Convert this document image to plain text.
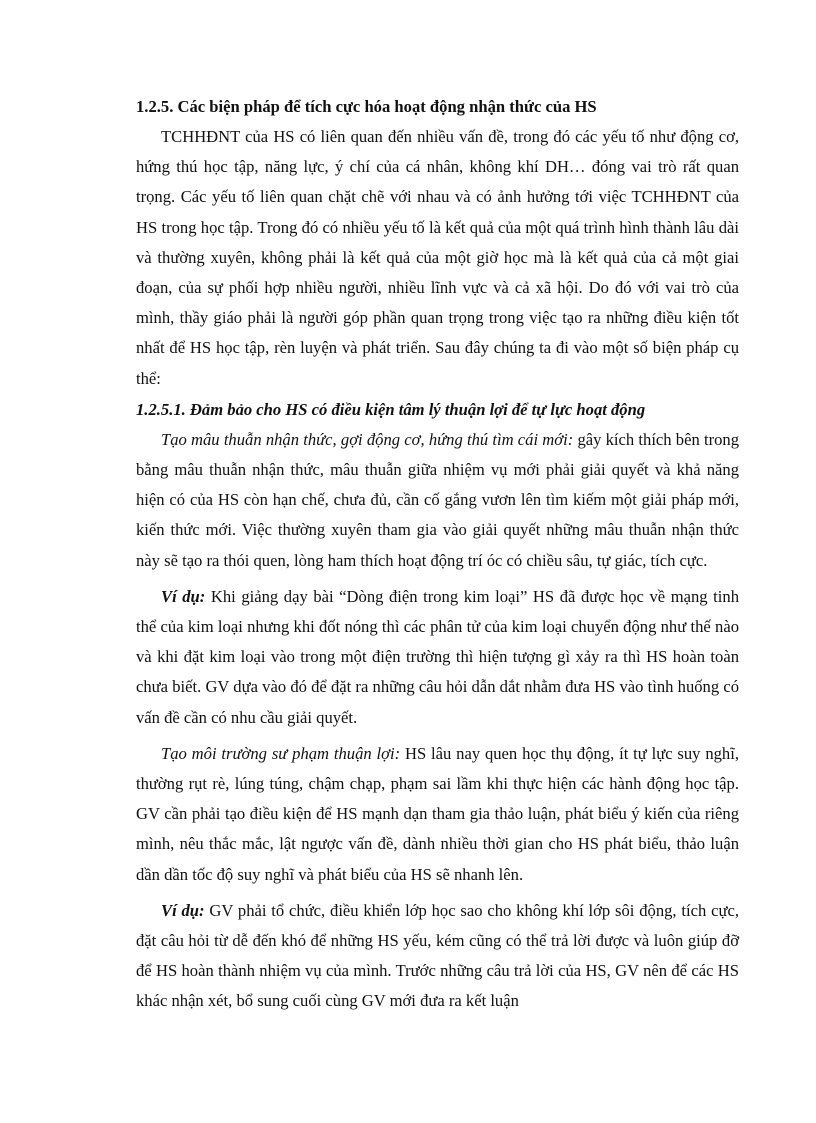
1.2.5. Các biện pháp để tích cực hóa hoạt động nhận thức của HS

TCHHĐNT của HS có liên quan đến nhiều vấn đề, trong đó các yếu tố như động cơ, hứng thú học tập, năng lực, ý chí của cá nhân, không khí DH… đóng vai trò rất quan trọng. Các yếu tố liên quan chặt chẽ với nhau và có ảnh hưởng tới việc TCHHĐNT của HS trong học tập. Trong đó có nhiều yếu tố là kết quả của một quá trình hình thành lâu dài và thường xuyên, không phải là kết quả của một giờ học mà là kết quả của cả một giai đoạn, của sự phối hợp nhiều người, nhiều lĩnh vực và cả xã hội. Do đó với vai trò của mình, thầy giáo phải là người góp phần quan trọng trong việc tạo ra những điều kiện tốt nhất để HS học tập, rèn luyện và phát triển. Sau đây chúng ta đi vào một số biện pháp cụ thể:

1.2.5.1. Đảm bảo cho HS có điều kiện tâm lý thuận lợi để tự lực hoạt động

Tạo mâu thuẫn nhận thức, gợi động cơ, hứng thú tìm cái mới: gây kích thích bên trong bằng mâu thuẫn nhận thức, mâu thuẫn giữa nhiệm vụ mới phải giải quyết và khả năng hiện có của HS còn hạn chế, chưa đủ, cần cố gắng vươn lên tìm kiếm một giải pháp mới, kiến thức mới. Việc thường xuyên tham gia vào giải quyết những mâu thuẫn nhận thức này sẽ tạo ra thói quen, lòng ham thích hoạt động trí óc có chiều sâu, tự giác, tích cực.

Ví dụ: Khi giảng dạy bài “Dòng điện trong kim loại” HS đã được học về mạng tinh thể của kim loại nhưng khi đốt nóng thì các phân tử của kim loại chuyển động như thế nào và khi đặt kim loại vào trong một điện trường thì hiện tượng gì xảy ra thì HS hoàn toàn chưa biết. GV dựa vào đó để đặt ra những câu hỏi dẫn dắt nhằm đưa HS vào tình huống có vấn đề cần có nhu cầu giải quyết.

Tạo môi trường sư phạm thuận lợi: HS lâu nay quen học thụ động, ít tự lực suy nghĩ, thường rụt rè, lúng túng, chậm chạp, phạm sai lầm khi thực hiện các hành động học tập. GV cần phải tạo điều kiện để HS mạnh dạn tham gia thảo luận, phát biểu ý kiến của riêng mình, nêu thắc mắc, lật ngược vấn đề, dành nhiều thời gian cho HS phát biểu, thảo luận dần dần tốc độ suy nghĩ và phát biểu của HS sẽ nhanh lên.

Ví dụ: GV phải tổ chức, điều khiển lớp học sao cho không khí lớp sôi động, tích cực, đặt câu hỏi từ dễ đến khó để những HS yếu, kém cũng có thể trả lời được và luôn giúp đỡ để HS hoàn thành nhiệm vụ của mình. Trước những câu trả lời của HS, GV nên để các HS khác nhận xét, bổ sung cuối cùng GV mới đưa ra kết luận
